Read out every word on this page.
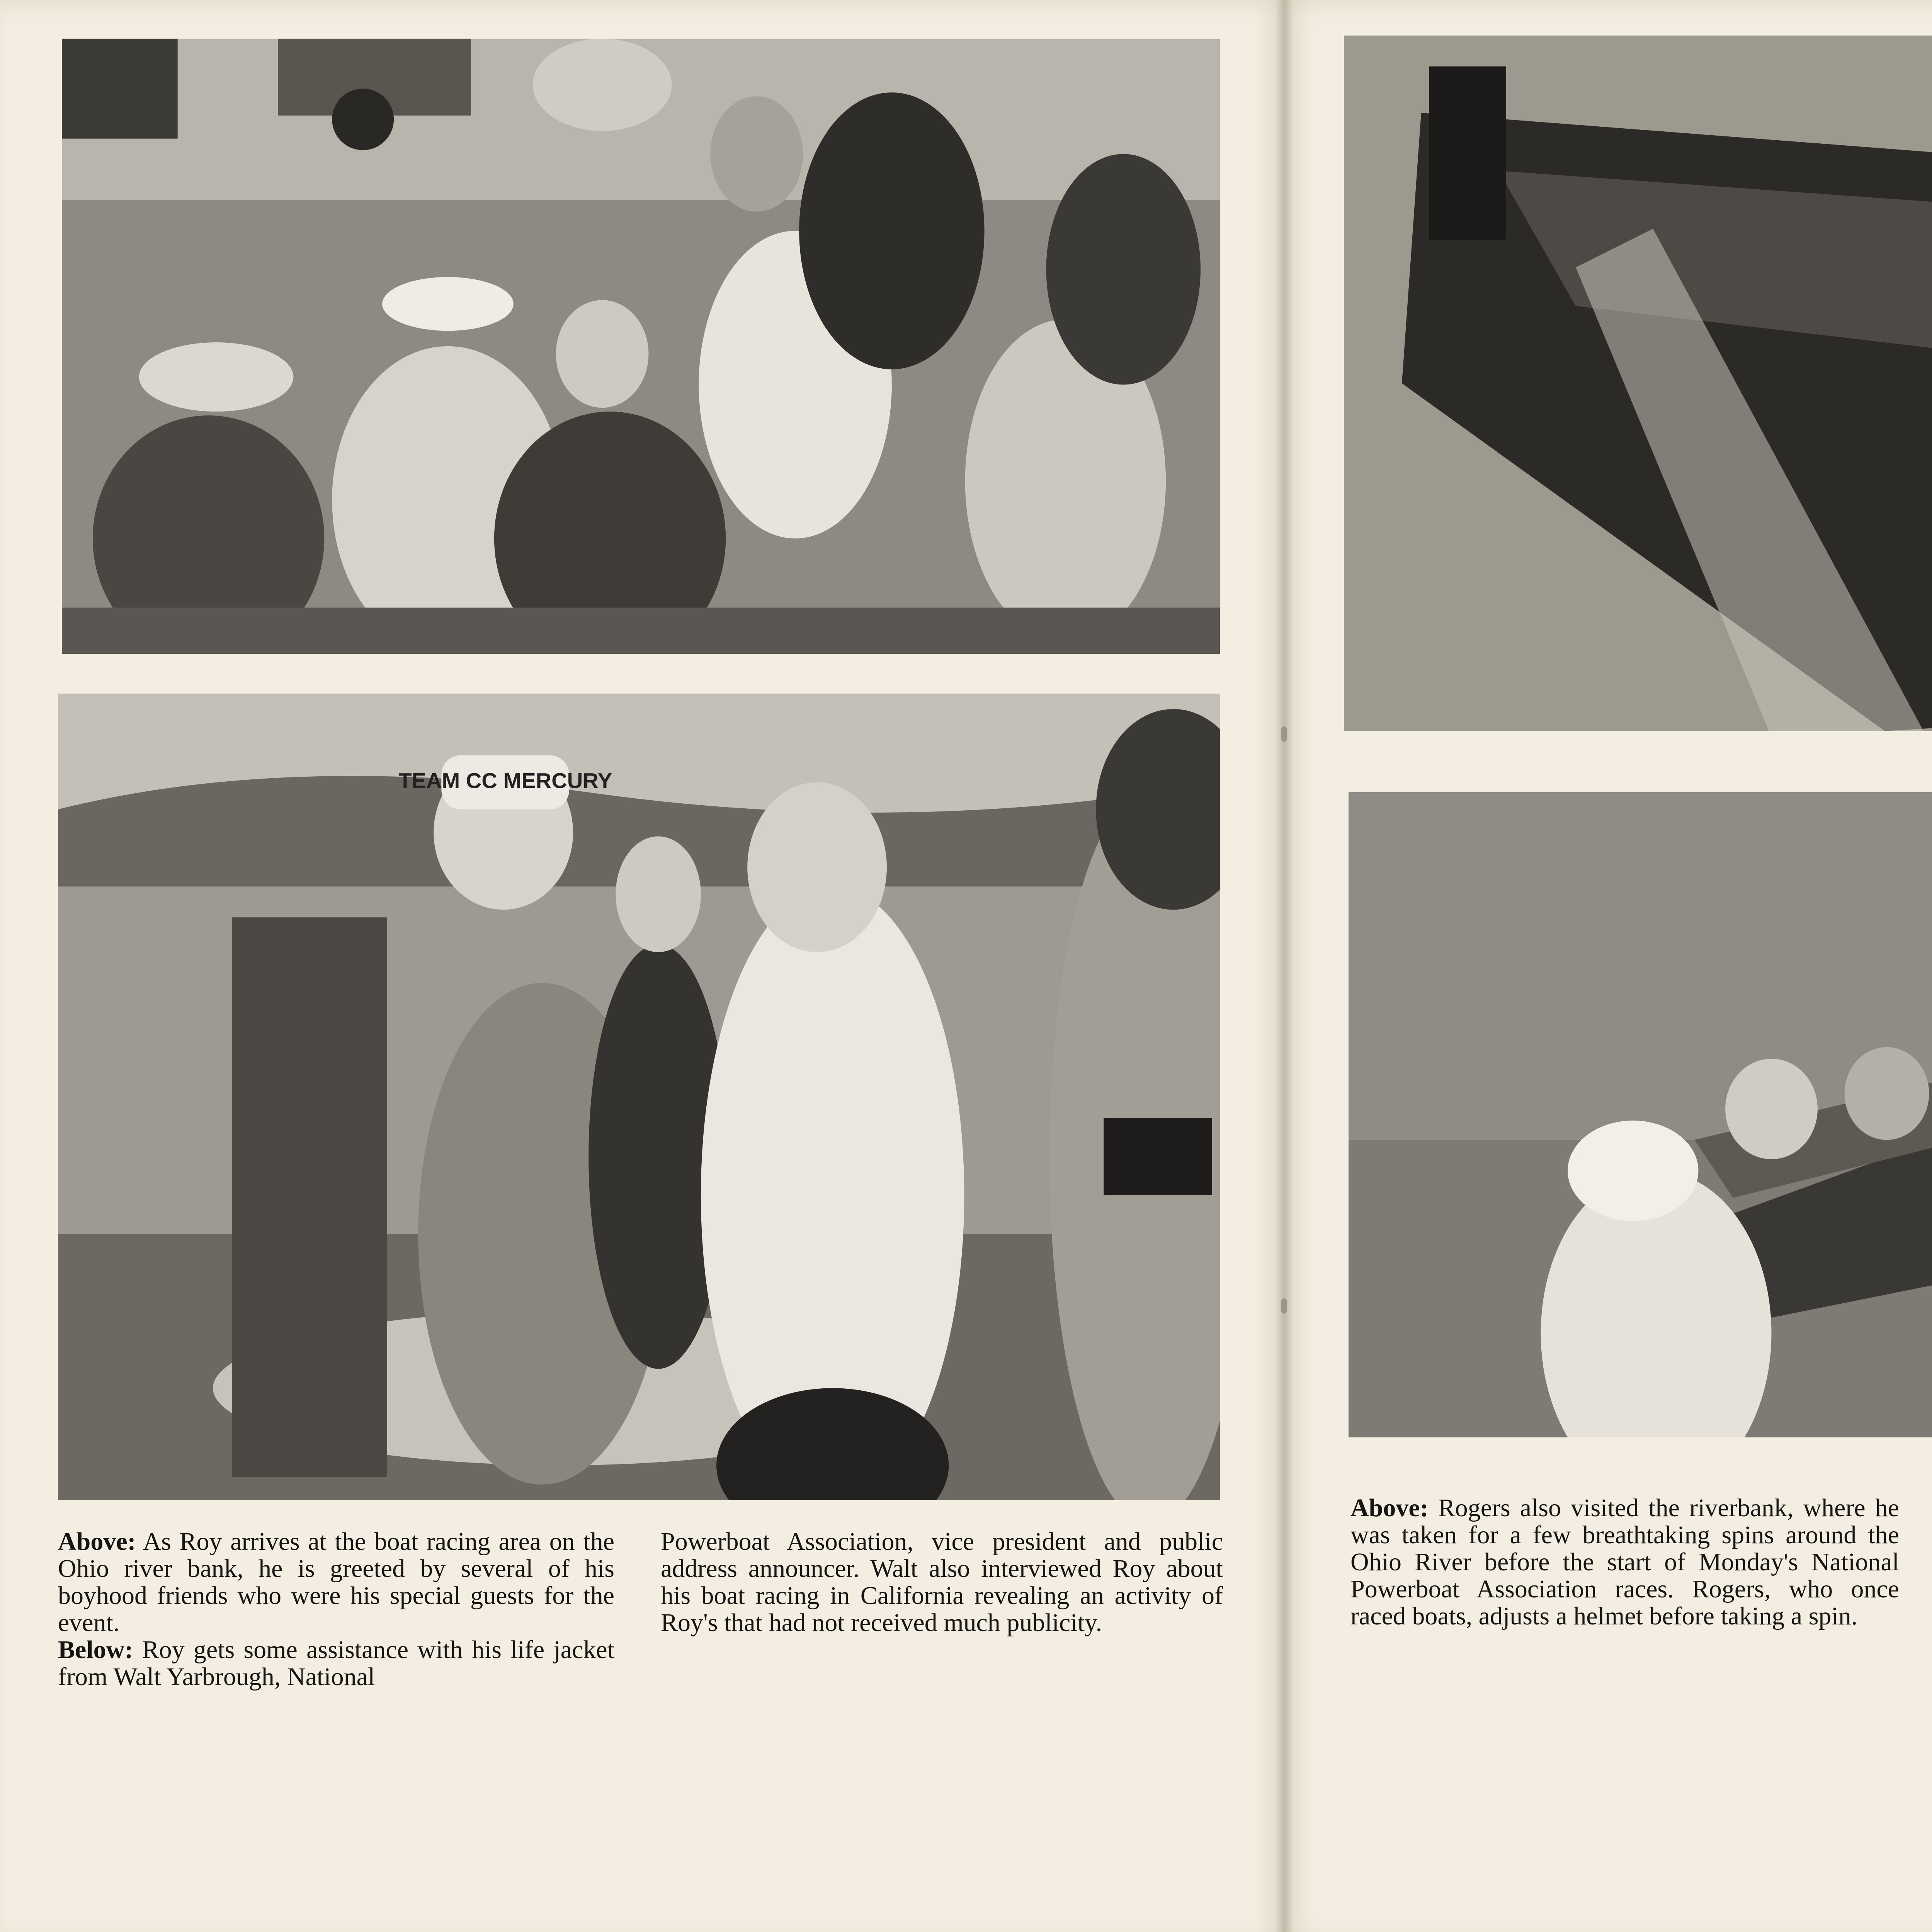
TEAM CC MERCURY

Above: As Roy arrives at the boat racing area on the Ohio river bank, he is greeted by several of his boyhood friends who were his special guests for the event.

Below: Roy gets some assistance with his life jacket from Walt Yarbrough, National

Powerboat Association, vice president and public address announcer. Walt also interviewed Roy about his boat racing in California revealing an activity of Roy's that had not received much publicity.

Above: Rogers also visited the riverbank, where he was taken for a few breathtaking spins around the Ohio River before the start of Monday's National Powerboat Association races. Rogers, who once raced boats, adjusts a helmet before taking a spin.
